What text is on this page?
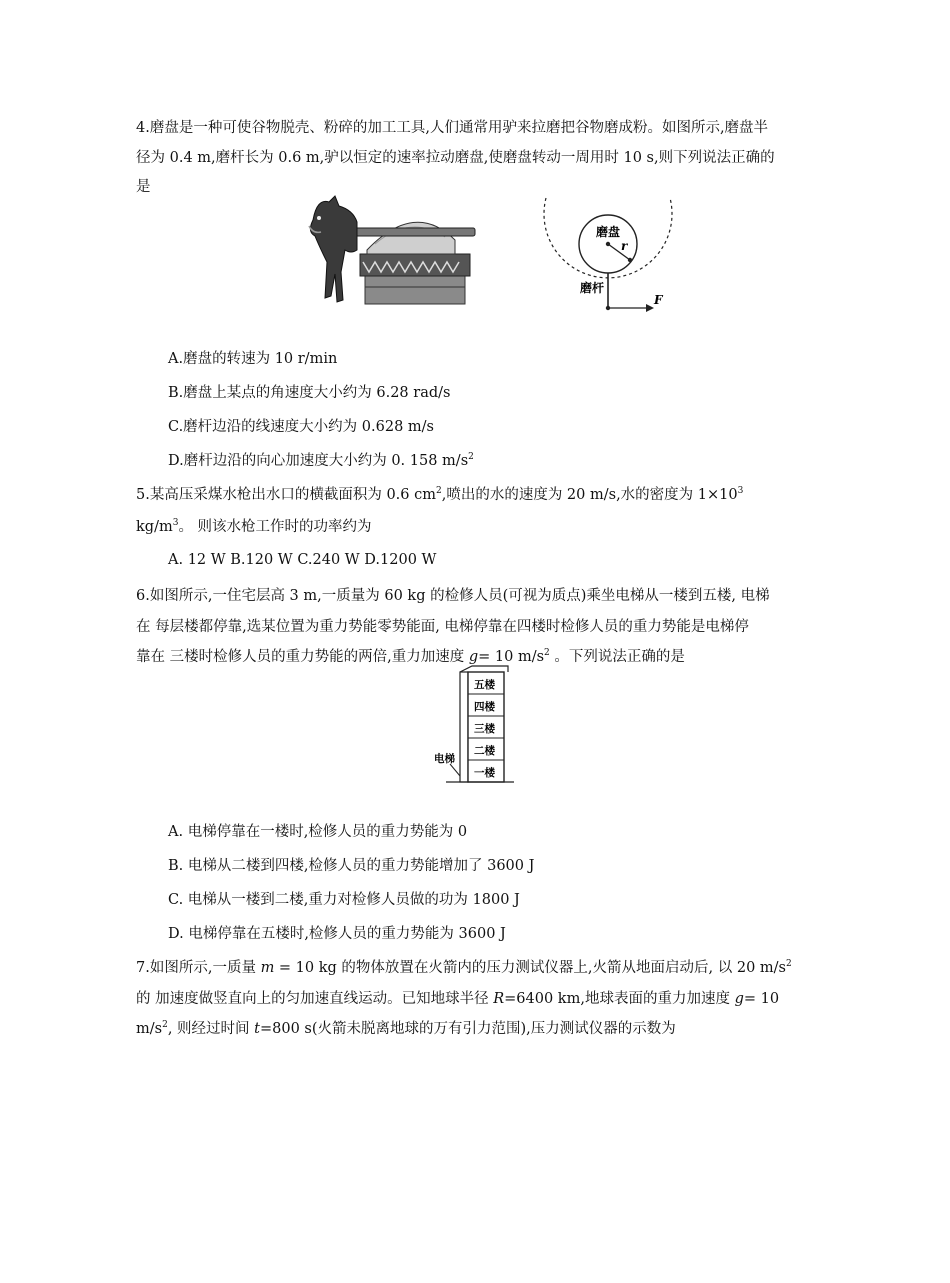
4.磨盘是一种可使谷物脱壳、粉碎的加工工具,人们通常用驴来拉磨把谷物磨成粉。如图所示,磨盘半
径为 0.4 m,磨杆长为 0.6 m,驴以恒定的速率拉动磨盘,使磨盘转动一周用时 10 s,则下列说法正确的
是
磨盘
r
磨杆
F
A.磨盘的转速为 10 r/min
B.磨盘上某点的角速度大小约为 6.28 rad/s
C.磨杆边沿的线速度大小约为 0.628 m/s
D.磨杆边沿的向心加速度大小约为 0. 158 $m/s^2$
5.某高压采煤水枪出水口的横截面积为 0.6 $cm^2$,喷出的水的速度为 20 m/s,水的密度为 $1\times 10^3$
$kg/m^3$。 则该水枪工作时的功率约为
A. 12 W B.120 W C.240 W D.1200 W
6.如图所示,一住宅层高 3 m,一质量为 60 kg 的检修人员(可视为质点)乘坐电梯从一楼到五楼, 电梯
在 每层楼都停靠,选某位置为重力势能零势能面, 电梯停靠在四楼时检修人员的重力势能是电梯停
靠在 三楼时检修人员的重力势能的两倍,重力加速度 g= 10 $m/s^2$ 。下列说法正确的是
五楼
四楼
三楼
二楼
一楼
电梯
A. 电梯停靠在一楼时,检修人员的重力势能为 0
B. 电梯从二楼到四楼,检修人员的重力势能增加了 3600 J
C. 电梯从一楼到二楼,重力对检修人员做的功为 1800 J
D. 电梯停靠在五楼时,检修人员的重力势能为 3600 J
7.如图所示,一质量 m = 10 kg 的物体放置在火箭内的压力测试仪器上,火箭从地面启动后, 以 20 $m/s^2$
的 加速度做竖直向上的匀加速直线运动。已知地球半径 R=6400 km,地球表面的重力加速度 g= 10
$m/s^2$, 则经过时间 t=800 s(火箭未脱离地球的万有引力范围),压力测试仪器的示数为
